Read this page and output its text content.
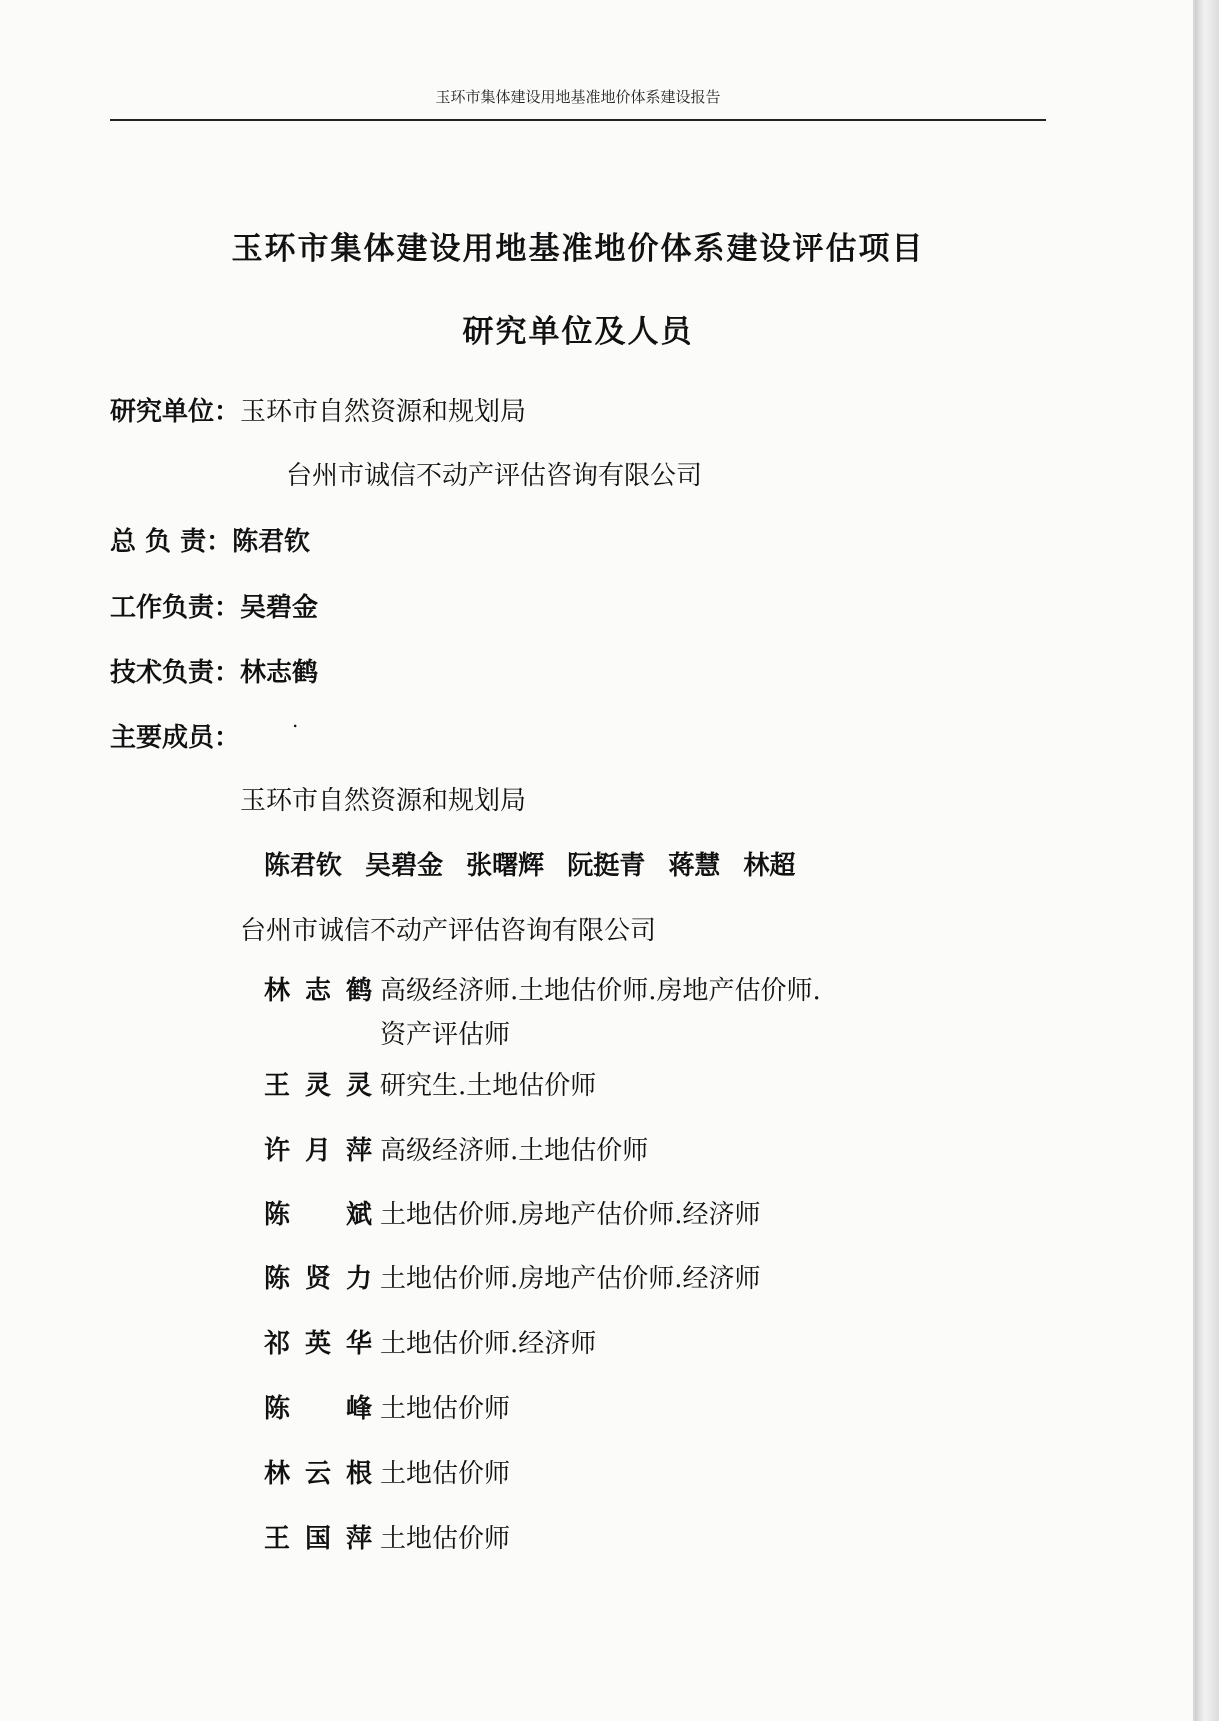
玉环市集体建设用地基准地价体系建设报告
玉环市集体建设用地基准地价体系建设评估项目
研究单位及人员
研究单位：玉环市自然资源和规划局
台州市诚信不动产评估咨询有限公司
总 负 责：陈君钦
工作负责：吴碧金
技术负责：林志鹤
主要成员：
.
玉环市自然资源和规划局
陈君钦 吴碧金 张曙辉 阮挺青 蒋慧 林超
台州市诚信不动产评估咨询有限公司
林志鹤 高级经济师.土地估价师.房地产估价师.
资产评估师
王灵灵 研究生.土地估价师
许月萍 高级经济师.土地估价师
陈 斌 土地估价师.房地产估价师.经济师
陈贤力 土地估价师.房地产估价师.经济师
祁英华 土地估价师.经济师
陈 峰 土地估价师
林云根 土地估价师
王国萍 土地估价师
